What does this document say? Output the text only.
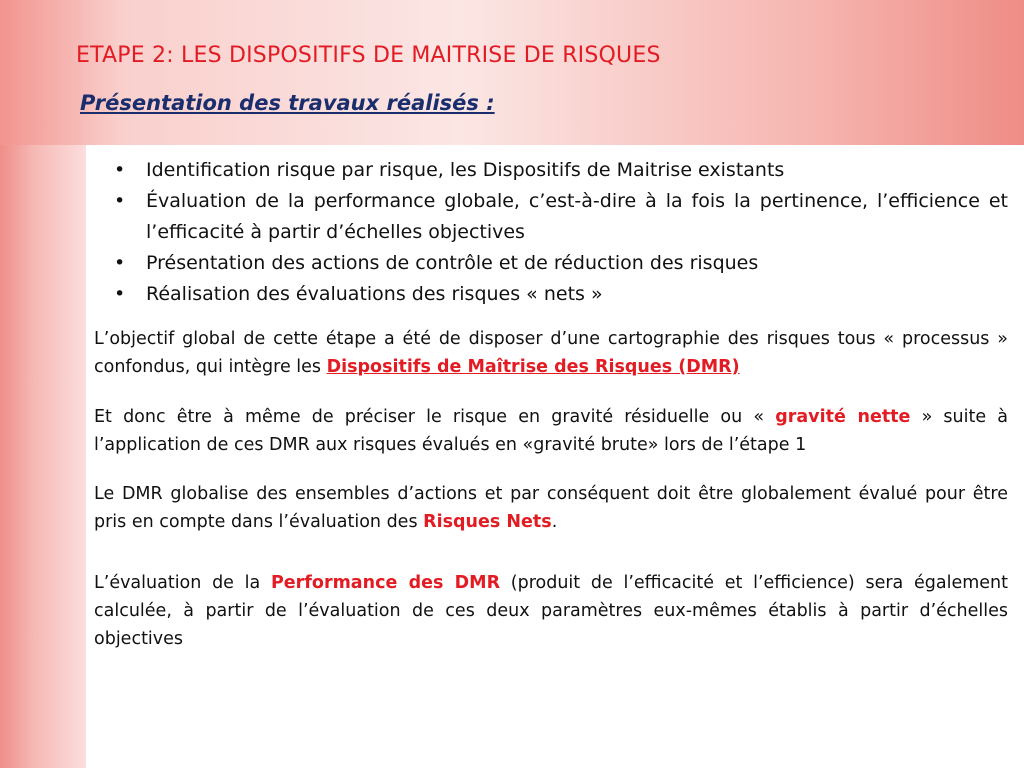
ETAPE 2: LES DISPOSITIFS DE MAITRISE DE RISQUES
Présentation des travaux réalisés :
• Identification risque par risque, les Dispositifs de Maitrise existants
• Évaluation de la performance globale, c’est-à-dire à la fois la pertinence, l’efficience et l’efficacité à partir d’échelles objectives
• Présentation des actions de contrôle et de réduction des risques
• Réalisation des évaluations des risques « nets »

L’objectif global de cette étape a été de disposer d’une cartographie des risques tous « processus » confondus, qui intègre les Dispositifs de Maîtrise des Risques (DMR)

Et donc être à même de préciser le risque en gravité résiduelle ou « gravité nette » suite à l’application de ces DMR aux risques évalués en «gravité brute» lors de l’étape 1

Le DMR globalise des ensembles d’actions et par conséquent doit être globalement évalué pour être pris en compte dans l’évaluation des Risques Nets.

L’évaluation de la Performance des DMR (produit de l’efficacité et l’efficience) sera également calculée, à partir de l’évaluation de ces deux paramètres eux-mêmes établis à partir d’échelles objectives
